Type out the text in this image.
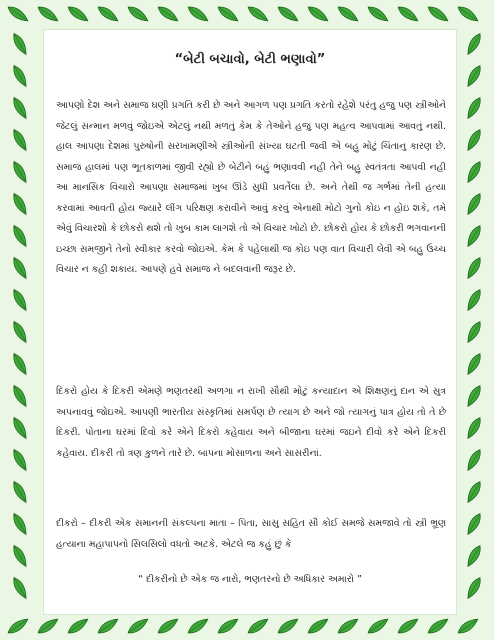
“બેટી બચાવો, બેટી ભણાવો”
આપણો દેશ અને સમાજ ઘણી પ્રગતિ કરી છે અને આગળ પણ પ્રગતિ કરતો રહેશે પરંતુ હજુ પણ સ્ત્રીઓને જેટલું સન્માન મળવું જોઇએ એટલું નથી મળતું કેમ કે તેઓને હજુ પણ મહત્વ આપવામાં આવતું નથી. હાલ આપણા દેશમાં પુરુષોની સરખામણીએ સ્ત્રીઓની સંખ્યા ઘટતી જવી એ બહુ મોટું ચિંતાનુ કારણ છે. સમાજ હાલમાં પણ ભૂતકાળમાં જીવી રહ્યો છે બેટીને બહું ભણાવવી નહી તેને બહુ સ્વતંત્રતા આપવી નહી આ માનસિક વિચારો આપણા સમાજમાં ખુબ ઊંડે સુધી પ્રવર્તેલા છે. અને તેથી જ ગર્ભમાં તેની હત્યા કરવામાં આવતી હોય જ્યારે લીંગ પરિક્ષણ કરાવીને આવું કરવું એનાથી મોટો ગુનો કોઇ ન હોઇ શકે, તમે એવું વિચારશો કે છોકરો થશે તો ખુબ કામ લાગશે તો એ વિચાર ખોટો છે. છોકરો હોય કે છોકરી ભગવાનની ઇચ્છા સમજીને તેનો સ્વીકાર કરવો જોઇએ. કેમ કે પહેલાથી જ કોઇ પણ વાત વિચારી લેવી એ બહુ ઉચ્ચ વિચાર ન કહી શકાય. આપણે હવે સમાજ ને બદલવાની જરૂર છે.
દિકરો હોય કે દિકરી એમણે ભણતરથી અળગા ન રાખી સૌથી મોટું કન્યાદાન એ શિક્ષણનું દાન એ સુત્ર અપનાવવું જોઇએ. આપણી ભારતીય સંસ્કૃતિમાં સમર્પણ છે ત્યાગ છે અને જો ત્યાગનું પાત્ર હોય તો તે છે દિકરી. પોતાના ઘરમાં દિવો કરે એને દિકરો કહેવાય અને બીજાના ઘરમાં જઇને દીવો કરે એને દિકરી કહેવાય. દીકરી તો ત્રણ કુળને તારે છે. બાપના મોસાળના અને સાસરીનાં.
દીકરો – દીકરી એક સમાનની સંકલ્પના માતા – પિતા, સાસુ સહિત સૌ કોઈ સમજે સમજાવે તો સ્ત્રી ભ્રૂણ હત્યાના મહાપાપનો સિલસિલો વધતો અટકે. એટલે જ કહું છું કે
“ દીકરીનો છે એક જ નારો, ભણતરનો છે અધિકાર અમારો ”
